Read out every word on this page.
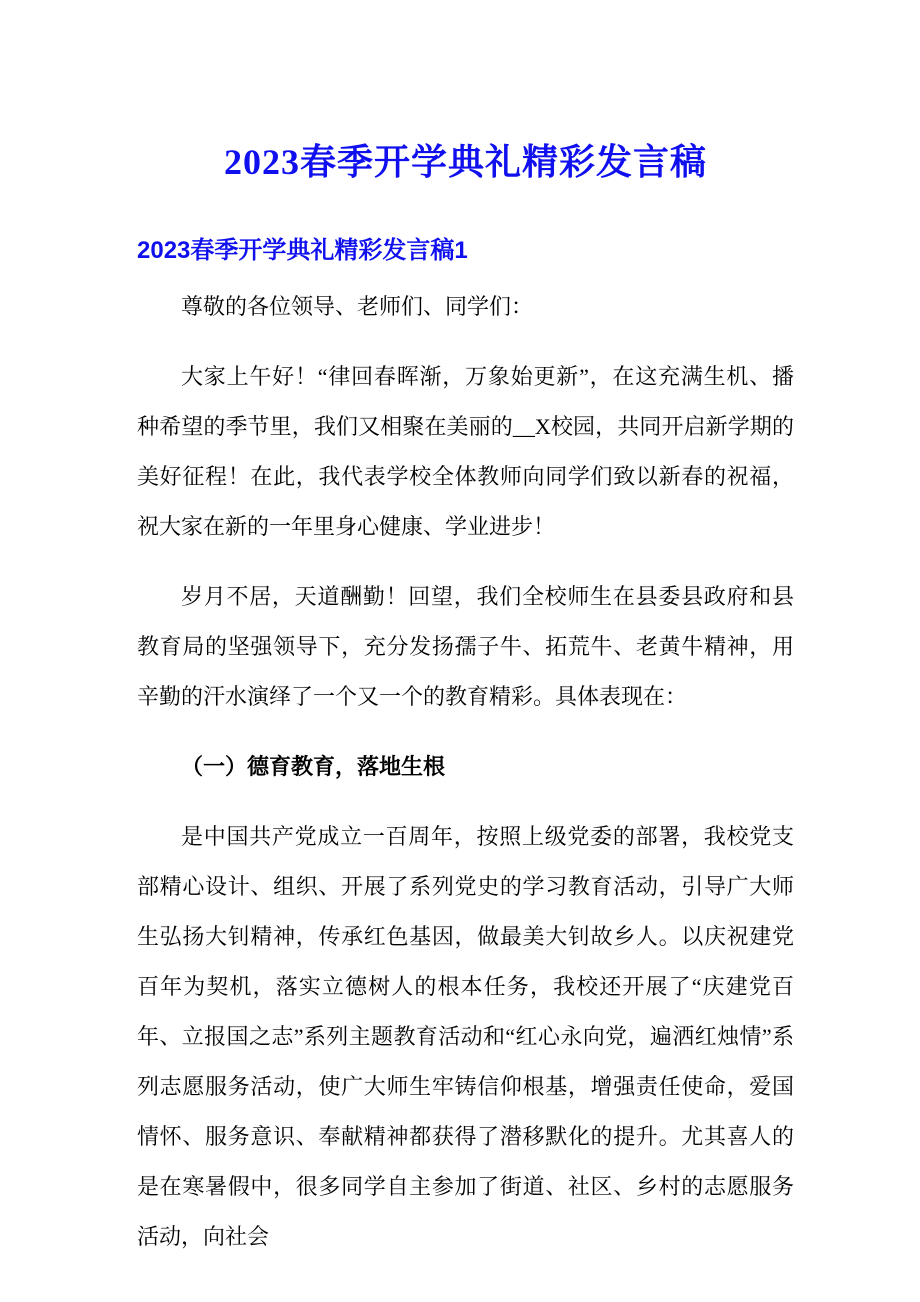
2023春季开学典礼精彩发言稿
2023春季开学典礼精彩发言稿1

尊敬的各位领导、老师们、同学们：

大家上午好！“律回春晖渐，万象始更新”，在这充满生机、播种希望的季节里，我们又相聚在美丽的__X校园，共同开启新学期的美好征程！在此，我代表学校全体教师向同学们致以新春的祝福，祝大家在新的一年里身心健康、学业进步！

岁月不居，天道酬勤！回望，我们全校师生在县委县政府和县教育局的坚强领导下，充分发扬孺子牛、拓荒牛、老黄牛精神，用辛勤的汗水演绎了一个又一个的教育精彩。具体表现在：

（一）德育教育，落地生根

是中国共产党成立一百周年，按照上级党委的部署，我校党支部精心设计、组织、开展了系列党史的学习教育活动，引导广大师生弘扬大钊精神，传承红色基因，做最美大钊故乡人。以庆祝建党百年为契机，落实立德树人的根本任务，我校还开展了“庆建党百年、立报国之志”系列主题教育活动和“红心永向党，遍洒红烛情”系列志愿服务活动，使广大师生牢铸信仰根基，增强责任使命，爱国情怀、服务意识、奉献精神都获得了潜移默化的提升。尤其喜人的是在寒暑假中，很多同学自主参加了街道、社区、乡村的志愿服务活动，向社会
